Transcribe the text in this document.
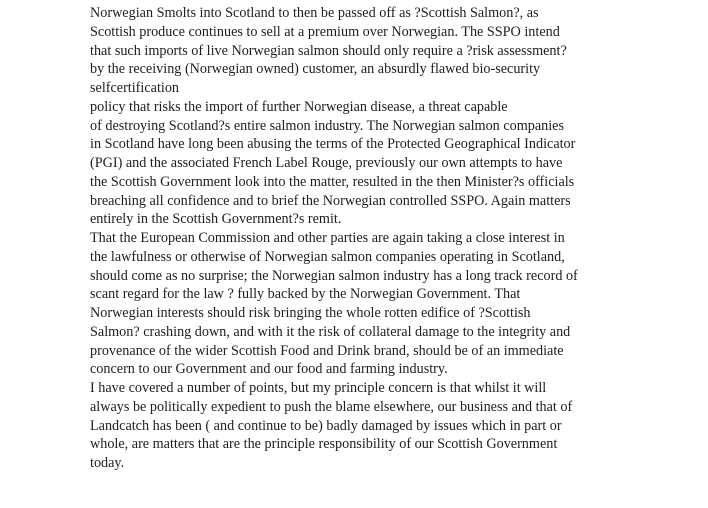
Norwegian Smolts into Scotland to then be passed off as ?Scottish Salmon?, as
Scottish produce continues to sell at a premium over Norwegian. The SSPO intend
that such imports of live Norwegian salmon should only require a ?risk assessment?
by the receiving (Norwegian owned) customer, an absurdly flawed bio-security
selfcertification
policy that risks the import of further Norwegian disease, a threat capable
of destroying Scotland?s entire salmon industry. The Norwegian salmon companies
in Scotland have long been abusing the terms of the Protected Geographical Indicator
(PGI) and the associated French Label Rouge, previously our own attempts to have
the Scottish Government look into the matter, resulted in the then Minister?s officials
breaching all confidence and to brief the Norwegian controlled SSPO. Again matters
entirely in the Scottish Government?s remit.
That the European Commission and other parties are again taking a close interest in
the lawfulness or otherwise of Norwegian salmon companies operating in Scotland,
should come as no surprise; the Norwegian salmon industry has a long track record of
scant regard for the law ? fully backed by the Norwegian Government. That
Norwegian interests should risk bringing the whole rotten edifice of ?Scottish
Salmon? crashing down, and with it the risk of collateral damage to the integrity and
provenance of the wider Scottish Food and Drink brand, should be of an immediate
concern to our Government and our food and farming industry.
I have covered a number of points, but my principle concern is that whilst it will
always be politically expedient to push the blame elsewhere, our business and that of
Landcatch has been ( and continue to be) badly damaged by issues which in part or
whole, are matters that are the principle responsibility of our Scottish Government
today.
